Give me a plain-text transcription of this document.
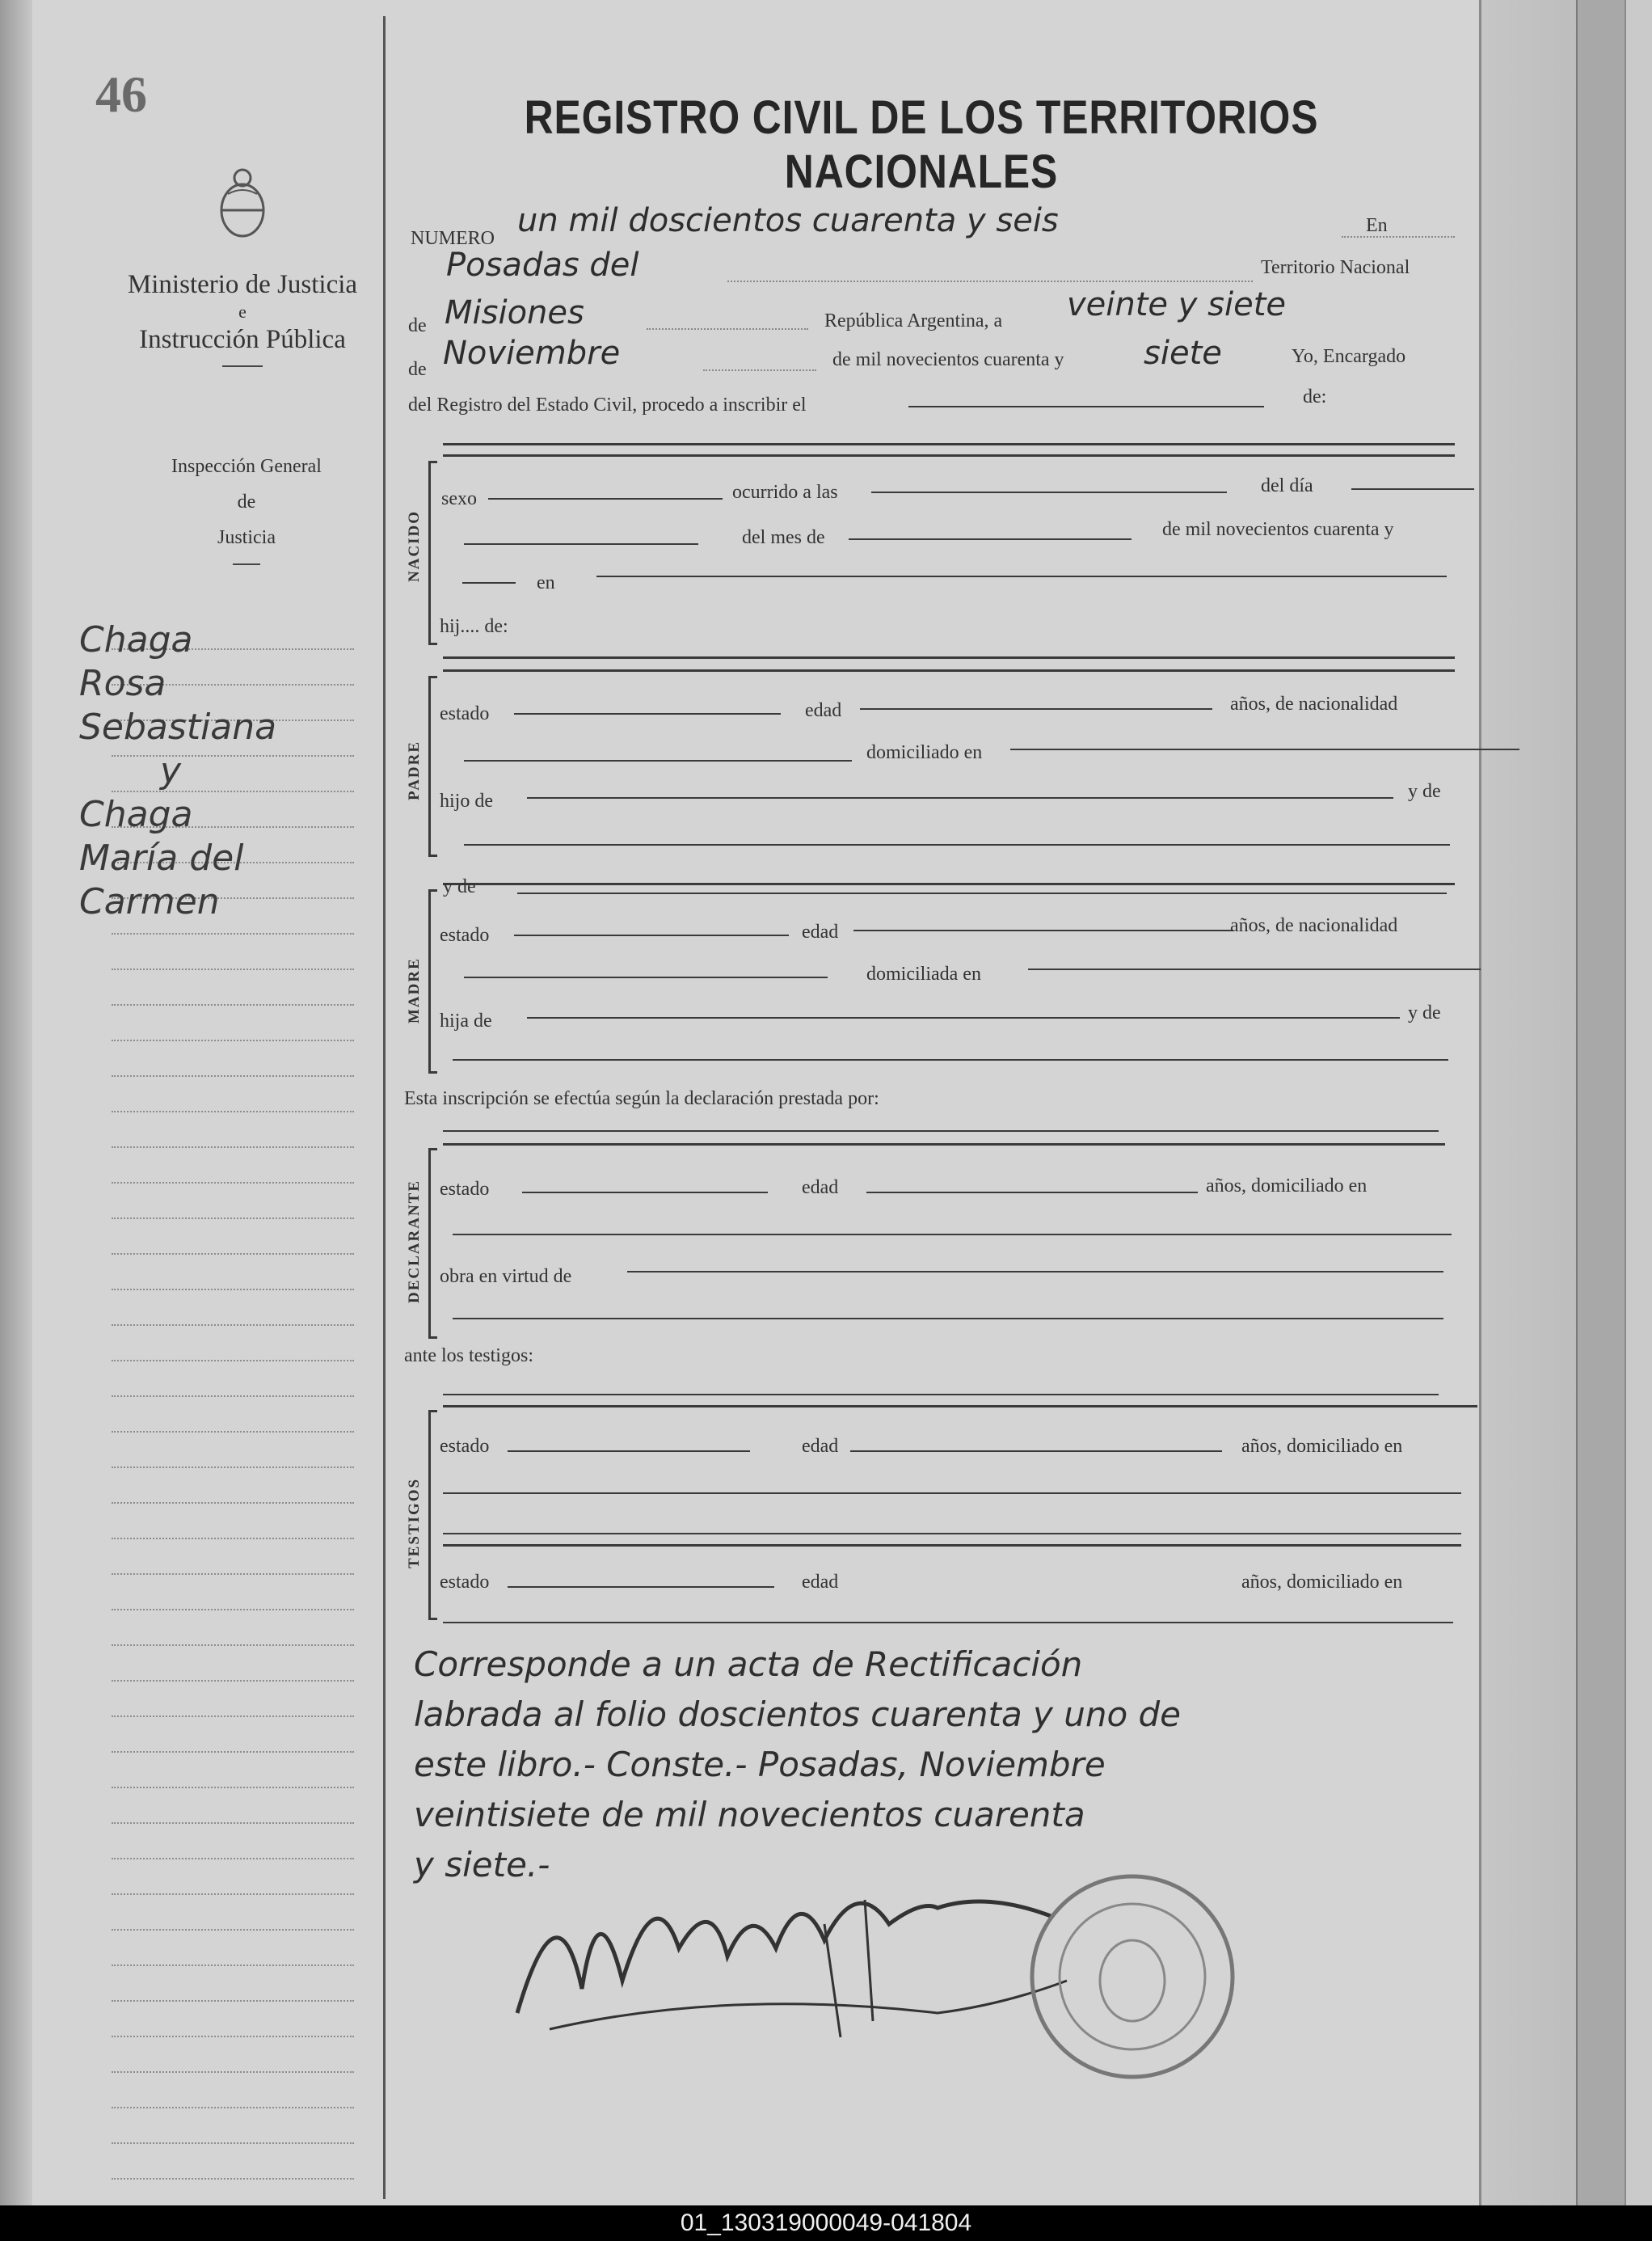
46
Ministerio de Justicia
e
Instrucción Pública
Inspección General
de
Justicia
Chaga
Rosa
Sebastiana
y
Chaga
María del
Carmen
REGISTRO CIVIL DE LOS TERRITORIOS NACIONALES
NUMERO un mil doscientos cuarenta y seis	En
Posadas del	Territorio Nacional
de Misiones	República Argentina, a veinte y siete
de Noviembre	de mil novecientos cuarenta y siete	Yo, Encargado
del Registro del Estado Civil, procedo a inscribir el	de:
NACIDO
sexo	ocurrido a las	del día
del mes de	de mil novecientos cuarenta y
en
hij.... de:
PADRE
estado	edad	años, de nacionalidad
domiciliado en
hijo de	y de
MADRE
y de
estado	edad	años, de nacionalidad
domiciliada en
hija de	y de
Esta inscripción se efectúa según la declaración prestada por:
DECLARANTE estado	edad	años, domiciliado en
obra en virtud de
ante los testigos:
TESTIGOS
estado	edad	años, domiciliado en
estado	edad	años, domiciliado en
Corresponde a un acta de Rectificación
labrada al folio doscientos cuarenta y uno de
este libro.- Conste.- Posadas, Noviembre
veintisiete de mil novecientos cuarenta
y siete.-
01_130319000049-041804
